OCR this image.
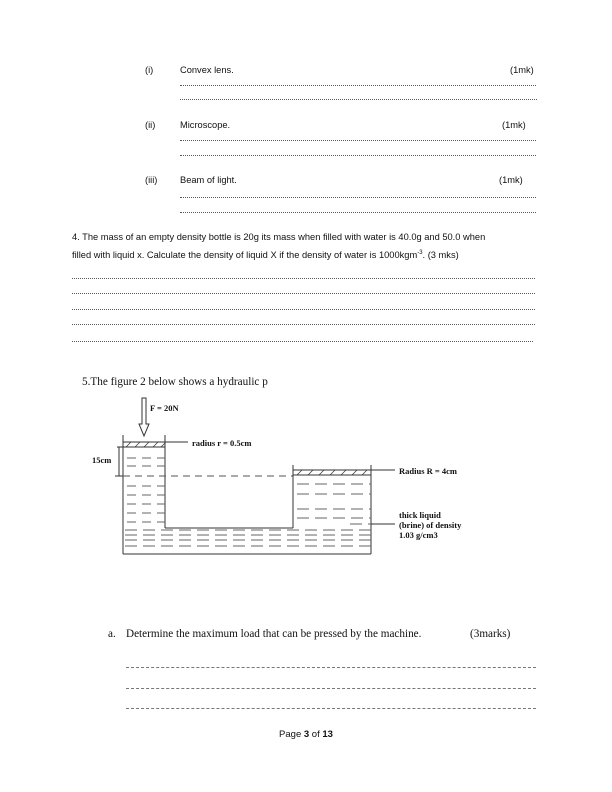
(i)	Convex lens.	(1mk)
(ii)	Microscope.	(1mk)
(iii) Beam of light.	(1mk)
4. The mass of an empty density bottle is 20g its mass when filled with water is 40.0g and 50.0 when
filled with liquid x. Calculate the density of liquid X if the density of water is 1000kgm$^{-3}$. (3 mks)
5.The figure 2 below shows a hydraulic p
F = 20N
radius r = 0.5cm
15cm
Radius R = 4cm
thick liquid
(brine) of density
1.03 g/cm3
a. Determine the maximum load that can be pressed by the machine.	(3marks)
Page 3 of 13
